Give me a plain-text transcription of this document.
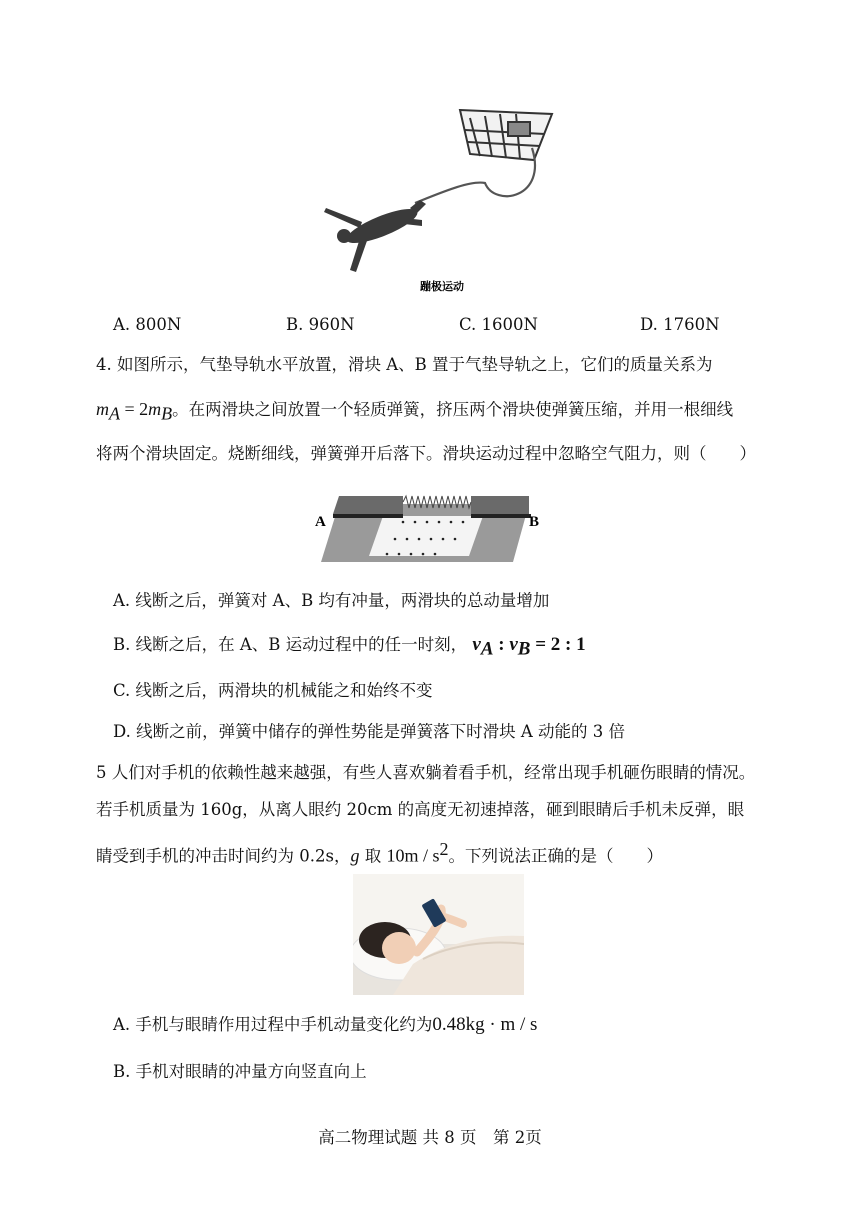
蹦极运动
A. 800N	B. 960N	C. 1600N	D. 1760N
4. 如图所示，气垫导轨水平放置，滑块 A、B 置于气垫导轨之上，它们的质量关系为
$m_A = 2m_B$。在两滑块之间放置一个轻质弹簧，挤压两个滑块使弹簧压缩，并用一根细线
将两个滑块固定。烧断细线，弹簧弹开后落下。滑块运动过程中忽略空气阻力，则（　　）
A	B
A. 线断之后，弹簧对 A、B 均有冲量，两滑块的总动量增加
B. 线断之后，在 A、B 运动过程中的任一时刻， $v_A$ : $v_B = 2$ : 1
C. 线断之后，两滑块的机械能之和始终不变
D. 线断之前，弹簧中储存的弹性势能是弹簧落下时滑块 A 动能的 3 倍
5 人们对手机的依赖性越来越强，有些人喜欢躺着看手机，经常出现手机砸伤眼睛的情况。
若手机质量为 160g，从离人眼约 20cm 的高度无初速掉落，砸到眼睛后手机未反弹，眼
睛受到手机的冲击时间约为 0.2s，g 取 $10m / s^2$。下列说法正确的是（　　）
A. 手机与眼睛作用过程中手机动量变化约为0.48kg · m / s
B. 手机对眼睛的冲量方向竖直向上
高二物理试题 共 8 页　第 2页
